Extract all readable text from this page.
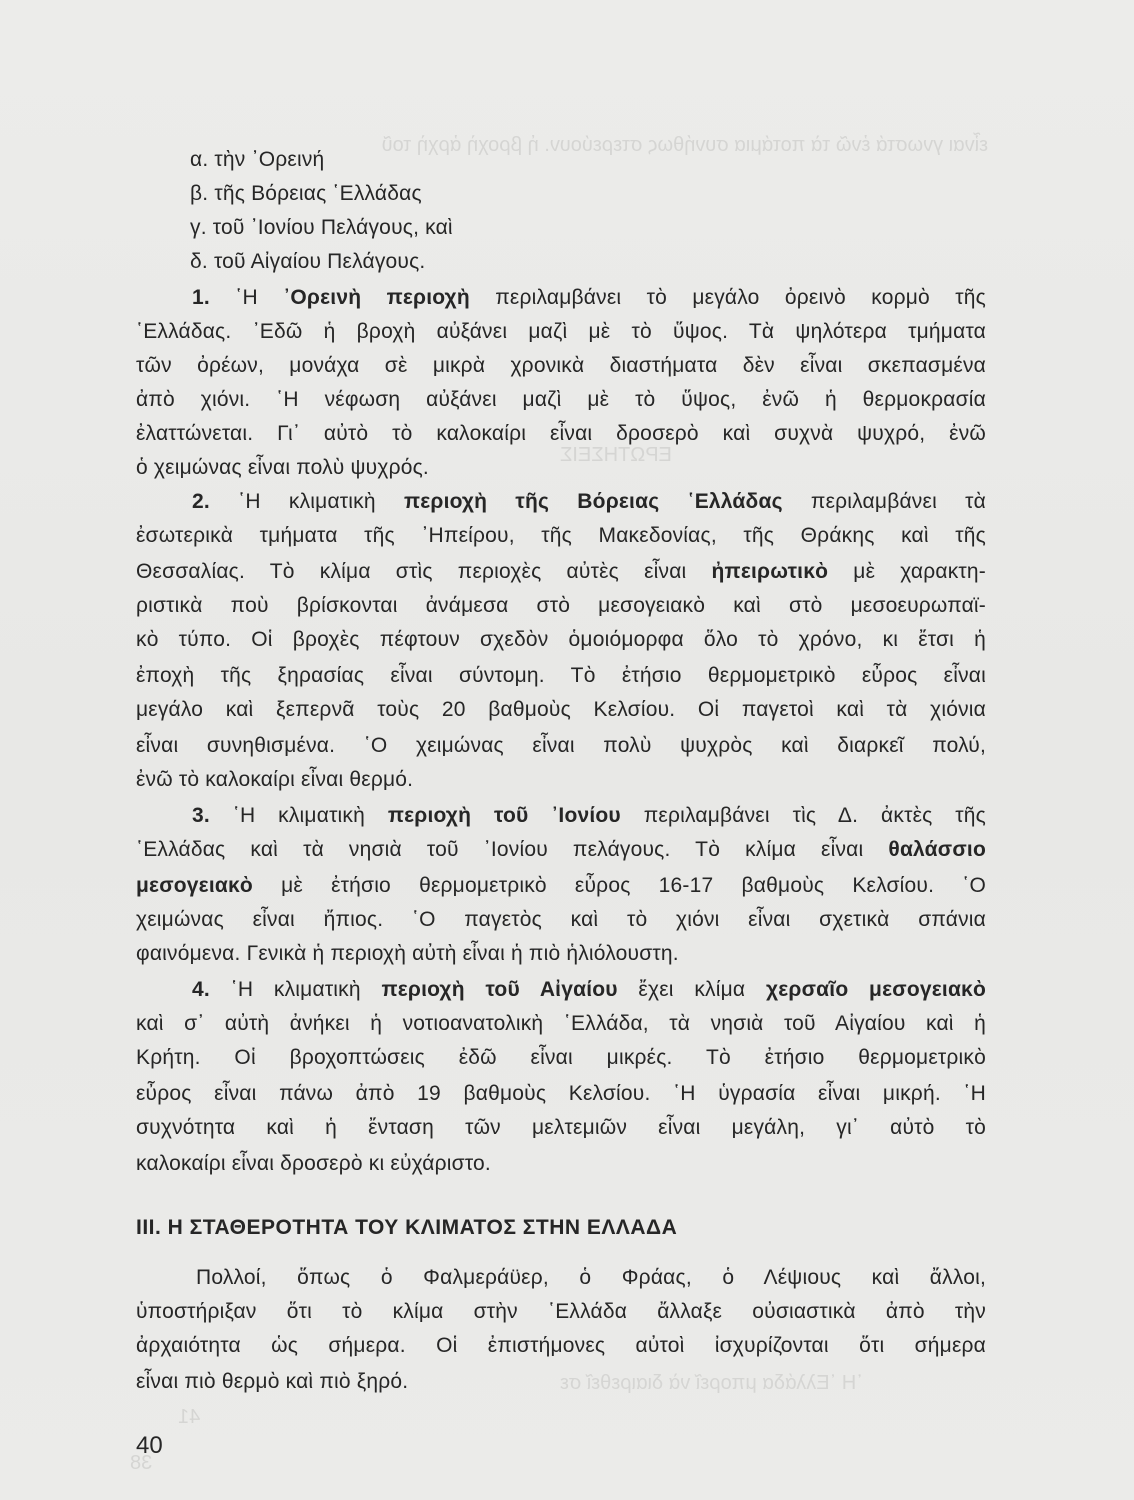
εἶναι γνωστά ἐνῶ τὰ ποτάμια συνήθως στερεύουν. ἡ βροχὴ ἀρχὴ τοῦ
ΕΡΩΤΗΣΕΙΣ
῾Η ῾Ελλάδα μπορεῖ νὰ διαιρεθεῖ σε
41
38
α. τὴν ᾿Ορεινή
β. τῆς Βόρειας ῾Ελλάδας
γ. τοῦ ᾿Ιονίου Πελάγους, καὶ
δ. τοῦ Αἰγαίου Πελάγους.
1. ῾Η ᾿Ορεινὴ περιοχὴ περιλαμβάνει τὸ μεγάλο ὀρεινὸ κορμὸ τῆς
῾Ελλάδας. ᾿Εδῶ ἡ βροχὴ αὐξάνει μαζὶ μὲ τὸ ὕψος. Τὰ ψηλότερα τμήματα
τῶν ὀρέων, μονάχα σὲ μικρὰ χρονικὰ διαστήματα δὲν εἶναι σκεπασμένα
ἀπὸ χιόνι. ῾Η νέφωση αὐξάνει μαζὶ μὲ τὸ ὕψος, ἐνῶ ἡ θερμοκρασία
ἐλαττώνεται. Γι᾿ αὐτὸ τὸ καλοκαίρι εἶναι δροσερὸ καὶ συχνὰ ψυχρό, ἐνῶ
ὁ χειμώνας εἶναι πολὺ ψυχρός.
2. ῾Η κλιματικὴ περιοχὴ τῆς Βόρειας ῾Ελλάδας περιλαμβάνει τὰ
ἐσωτερικὰ τμήματα τῆς ᾿Ηπείρου, τῆς Μακεδονίας, τῆς Θράκης καὶ τῆς
Θεσσαλίας. Τὸ κλίμα στὶς περιοχὲς αὐτὲς εἶναι ἠπειρωτικὸ μὲ χαρακτη-
ριστικὰ ποὺ βρίσκονται ἀνάμεσα στὸ μεσογειακὸ καὶ στὸ μεσοευρωπαϊ-
κὸ τύπο. Οἱ βροχὲς πέφτουν σχεδὸν ὁμοιόμορφα ὅλο τὸ χρόνο, κι ἔτσι ἡ
ἐποχὴ τῆς ξηρασίας εἶναι σύντομη. Τὸ ἐτήσιο θερμομετρικὸ εὖρος εἶναι
μεγάλο καὶ ξεπερνᾶ τοὺς 20 βαθμοὺς Κελσίου. Οἱ παγετοὶ καὶ τὰ χιόνια
εἶναι συνηθισμένα. ῾Ο χειμώνας εἶναι πολὺ ψυχρὸς καὶ διαρκεῖ πολύ,
ἐνῶ τὸ καλοκαίρι εἶναι θερμό.
3. ῾Η κλιματικὴ περιοχὴ τοῦ ᾿Ιονίου περιλαμβάνει τὶς Δ. ἀκτὲς τῆς
῾Ελλάδας καὶ τὰ νησιὰ τοῦ ᾿Ιονίου πελάγους. Τὸ κλίμα εἶναι θαλάσσιο
μεσογειακὸ μὲ ἐτήσιο θερμομετρικὸ εὖρος 16-17 βαθμοὺς Κελσίου. ῾Ο
χειμώνας εἶναι ἤπιος. ῾Ο παγετὸς καὶ τὸ χιόνι εἶναι σχετικὰ σπάνια
φαινόμενα. Γενικὰ ἡ περιοχὴ αὐτὴ εἶναι ἡ πιὸ ἡλιόλουστη.
4. ῾Η κλιματικὴ περιοχὴ τοῦ Αἰγαίου ἔχει κλίμα χερσαῖο μεσογειακὸ
καὶ σ᾿ αὐτὴ ἀνήκει ἡ νοτιοανατολικὴ ῾Ελλάδα, τὰ νησιὰ τοῦ Αἰγαίου καὶ ἡ
Κρήτη. Οἱ βροχοπτώσεις ἐδῶ εἶναι μικρές. Τὸ ἐτήσιο θερμομετρικὸ
εὖρος εἶναι πάνω ἀπὸ 19 βαθμοὺς Κελσίου. ῾Η ὑγρασία εἶναι μικρή. ῾Η
συχνότητα καὶ ἡ ἔνταση τῶν μελτεμιῶν εἶναι μεγάλη, γι᾿ αὐτὸ τὸ
καλοκαίρι εἶναι δροσερὸ κι εὐχάριστο.
III. Η ΣΤΑΘΕΡΟΤΗΤΑ ΤΟΥ ΚΛΙΜΑΤΟΣ ΣΤΗΝ ΕΛΛΑΔΑ
Πολλοί, ὅπως ὁ Φαλμεράϋερ, ὁ Φράας, ὁ Λέψιους καὶ ἄλλοι,
ὑποστήριξαν ὅτι τὸ κλίμα στὴν ῾Ελλάδα ἄλλαξε οὐσιαστικὰ ἀπὸ τὴν
ἀρχαιότητα ὡς σήμερα. Οἱ ἐπιστήμονες αὐτοὶ ἰσχυρίζονται ὅτι σήμερα
εἶναι πιὸ θερμὸ καὶ πιὸ ξηρό.
40
